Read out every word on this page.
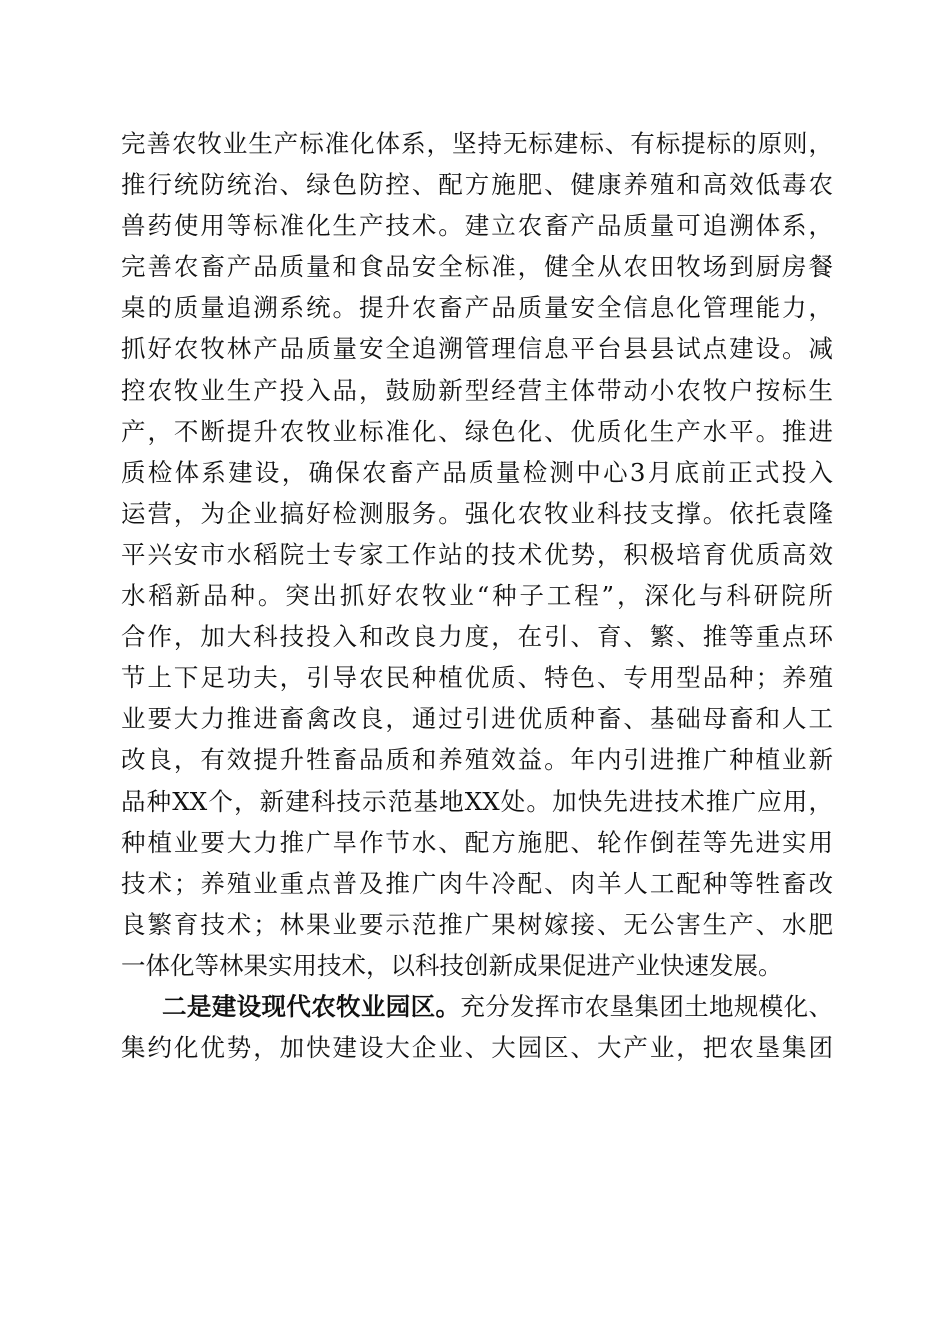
完善农牧业生产标准化体系，坚持无标建标、有标提标的原则，
推行统防统治、绿色防控、配方施肥、健康养殖和高效低毒农
兽药使用等标准化生产技术。建立农畜产品质量可追溯体系，
完善农畜产品质量和食品安全标准，健全从农田牧场到厨房餐
桌的质量追溯系统。提升农畜产品质量安全信息化管理能力，
抓好农牧林产品质量安全追溯管理信息平台县县试点建设。减
控农牧业生产投入品，鼓励新型经营主体带动小农牧户按标生
产，不断提升农牧业标准化、绿色化、优质化生产水平。推进
质检体系建设，确保农畜产品质量检测中心3月底前正式投入
运营，为企业搞好检测服务。强化农牧业科技支撑。依托袁隆
平兴安市水稻院士专家工作站的技术优势，积极培育优质高效
水稻新品种。突出抓好农牧业“种子工程”，深化与科研院所
合作，加大科技投入和改良力度，在引、育、繁、推等重点环
节上下足功夫，引导农民种植优质、特色、专用型品种；养殖
业要大力推进畜禽改良，通过引进优质种畜、基础母畜和人工
改良，有效提升牲畜品质和养殖效益。年内引进推广种植业新
品种XX个，新建科技示范基地XX处。加快先进技术推广应用，
种植业要大力推广旱作节水、配方施肥、轮作倒茬等先进实用
技术；养殖业重点普及推广肉牛冷配、肉羊人工配种等牲畜改
良繁育技术；林果业要示范推广果树嫁接、无公害生产、水肥
一体化等林果实用技术，以科技创新成果促进产业快速发展。
二是建设现代农牧业园区。充分发挥市农垦集团土地规模化、
集约化优势，加快建设大企业、大园区、大产业，把农垦集团
